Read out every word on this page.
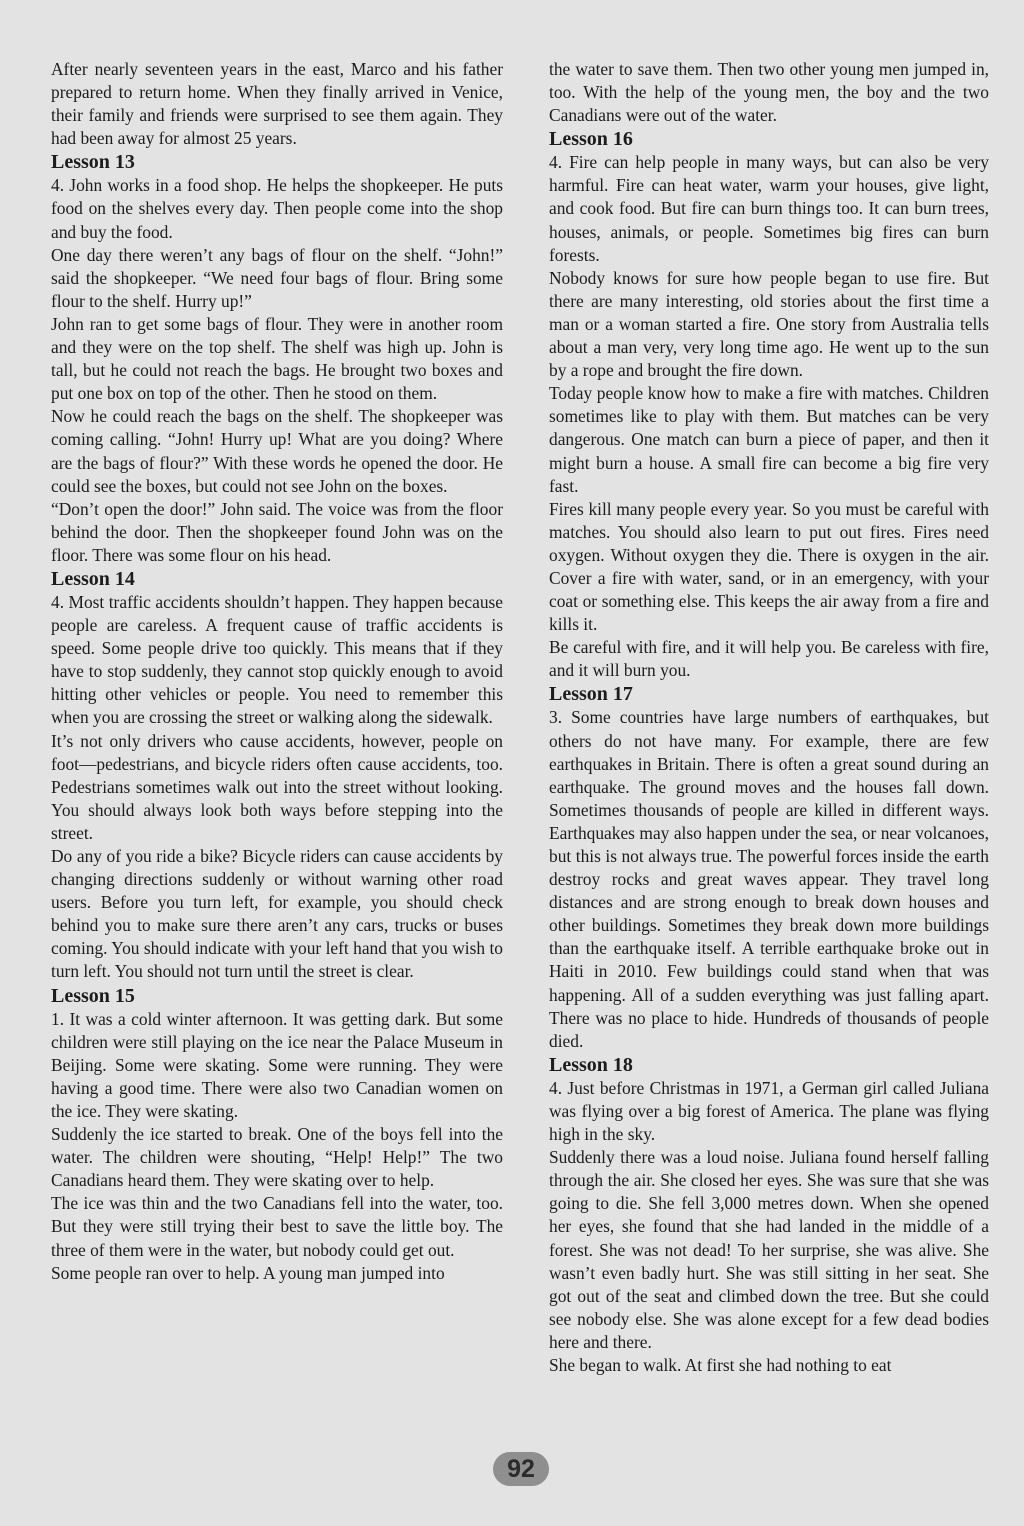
After nearly seventeen years in the east, Marco and his father prepared to return home. When they finally arrived in Venice, their family and friends were surprised to see them again. They had been away for almost 25 years.

Lesson 13

4. John works in a food shop. He helps the shopkeeper. He puts food on the shelves every day. Then people come into the shop and buy the food.

One day there weren’t any bags of flour on the shelf. “John!” said the shopkeeper. “We need four bags of flour. Bring some flour to the shelf. Hurry up!”

John ran to get some bags of flour. They were in another room and they were on the top shelf. The shelf was high up. John is tall, but he could not reach the bags. He brought two boxes and put one box on top of the other. Then he stood on them.

Now he could reach the bags on the shelf. The shopkeeper was coming calling. “John! Hurry up! What are you doing? Where are the bags of flour?” With these words he opened the door. He could see the boxes, but could not see John on the boxes.

“Don’t open the door!” John said. The voice was from the floor behind the door. Then the shopkeeper found John was on the floor. There was some flour on his head.

Lesson 14

4. Most traffic accidents shouldn’t happen. They happen because people are careless. A frequent cause of traffic accidents is speed. Some people drive too quickly. This means that if they have to stop suddenly, they cannot stop quickly enough to avoid hitting other vehicles or people. You need to remember this when you are crossing the street or walking along the sidewalk.

It’s not only drivers who cause accidents, however, people on foot—pedestrians, and bicycle riders often cause accidents, too. Pedestrians sometimes walk out into the street without looking. You should always look both ways before stepping into the street.

Do any of you ride a bike? Bicycle riders can cause accidents by changing directions suddenly or without warning other road users. Before you turn left, for example, you should check behind you to make sure there aren’t any cars, trucks or buses coming. You should indicate with your left hand that you wish to turn left. You should not turn until the street is clear.

Lesson 15

1. It was a cold winter afternoon. It was getting dark. But some children were still playing on the ice near the Palace Museum in Beijing. Some were skating. Some were running. They were having a good time. There were also two Canadian women on the ice. They were skating.

Suddenly the ice started to break. One of the boys fell into the water. The children were shouting, “Help! Help!” The two Canadians heard them. They were skating over to help.

The ice was thin and the two Canadians fell into the water, too. But they were still trying their best to save the little boy. The three of them were in the water, but nobody could get out.

Some people ran over to help. A young man jumped into

the water to save them. Then two other young men jumped in, too. With the help of the young men, the boy and the two Canadians were out of the water.

Lesson 16

4. Fire can help people in many ways, but can also be very harmful. Fire can heat water, warm your houses, give light, and cook food. But fire can burn things too. It can burn trees, houses, animals, or people. Sometimes big fires can burn forests.

Nobody knows for sure how people began to use fire. But there are many interesting, old stories about the first time a man or a woman started a fire. One story from Australia tells about a man very, very long time ago. He went up to the sun by a rope and brought the fire down.

Today people know how to make a fire with matches. Children sometimes like to play with them. But matches can be very dangerous. One match can burn a piece of paper, and then it might burn a house. A small fire can become a big fire very fast.

Fires kill many people every year. So you must be careful with matches. You should also learn to put out fires. Fires need oxygen. Without oxygen they die. There is oxygen in the air. Cover a fire with water, sand, or in an emergency, with your coat or something else. This keeps the air away from a fire and kills it.

Be careful with fire, and it will help you. Be careless with fire, and it will burn you.

Lesson 17

3. Some countries have large numbers of earthquakes, but others do not have many. For example, there are few earthquakes in Britain. There is often a great sound during an earthquake. The ground moves and the houses fall down. Sometimes thousands of people are killed in different ways. Earthquakes may also happen under the sea, or near volcanoes, but this is not always true. The powerful forces inside the earth destroy rocks and great waves appear. They travel long distances and are strong enough to break down houses and other buildings. Sometimes they break down more buildings than the earthquake itself. A terrible earthquake broke out in Haiti in 2010. Few buildings could stand when that was happening. All of a sudden everything was just falling apart. There was no place to hide. Hundreds of thousands of people died.

Lesson 18

4. Just before Christmas in 1971, a German girl called Juliana was flying over a big forest of America. The plane was flying high in the sky.

Suddenly there was a loud noise. Juliana found herself falling through the air. She closed her eyes. She was sure that she was going to die. She fell 3,000 metres down. When she opened her eyes, she found that she had landed in the middle of a forest. She was not dead! To her surprise, she was alive. She wasn’t even badly hurt. She was still sitting in her seat. She got out of the seat and climbed down the tree. But she could see nobody else. She was alone except for a few dead bodies here and there.

She began to walk. At first she had nothing to eat

92
